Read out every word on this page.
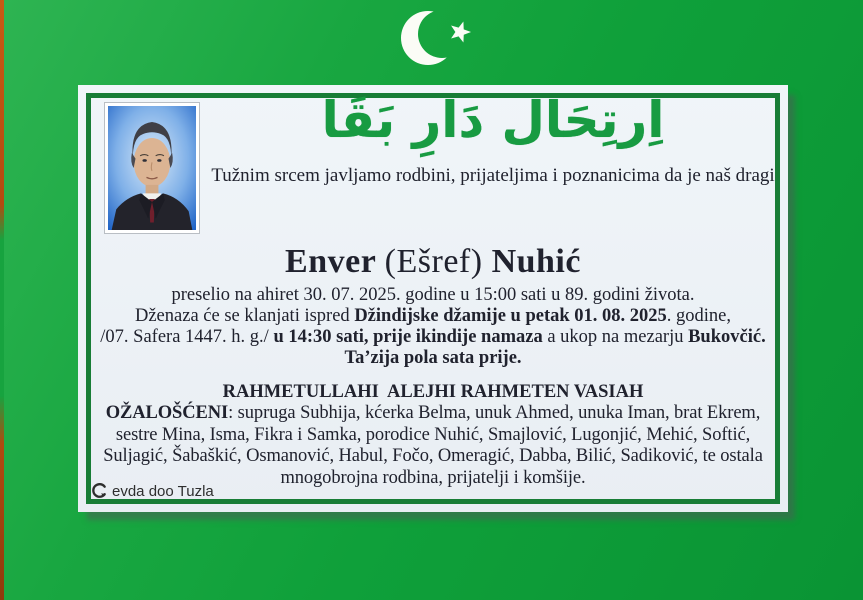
اِرتِحَال دَارِ بَقَا
Tužnim srcem javljamo rodbini, prijateljima i poznanicima da je naš dragi
Enver (Ešref) Nuhić
preselio na ahiret 30. 07. 2025. godine u 15:00 sati u 89. godini života.
Dženaza će se klanjati ispred Džindijske džamije u petak 01. 08. 2025. godine,
/07. Safera 1447. h. g./ u 14:30 sati, prije ikindije namaza a ukop na mezarju Bukovčić.
Ta’zija pola sata prije.
RAHMETULLAHI  ALEJHI RAHMETEN VASIAH
OŽALOŠĆENI: supruga Subhija, kćerka Belma, unuk Ahmed, unuka Iman, brat Ekrem, sestre Mina, Isma, Fikra i Samka, porodice Nuhić, Smajlović, Lugonjić, Mehić, Softić, Suljagić, Šabaškić, Osmanović, Habul, Fočo, Omeragić, Dabba, Bilić, Sadiković, te ostala mnogobrojna rodbina, prijatelji i komšije.
evda doo Tuzla
